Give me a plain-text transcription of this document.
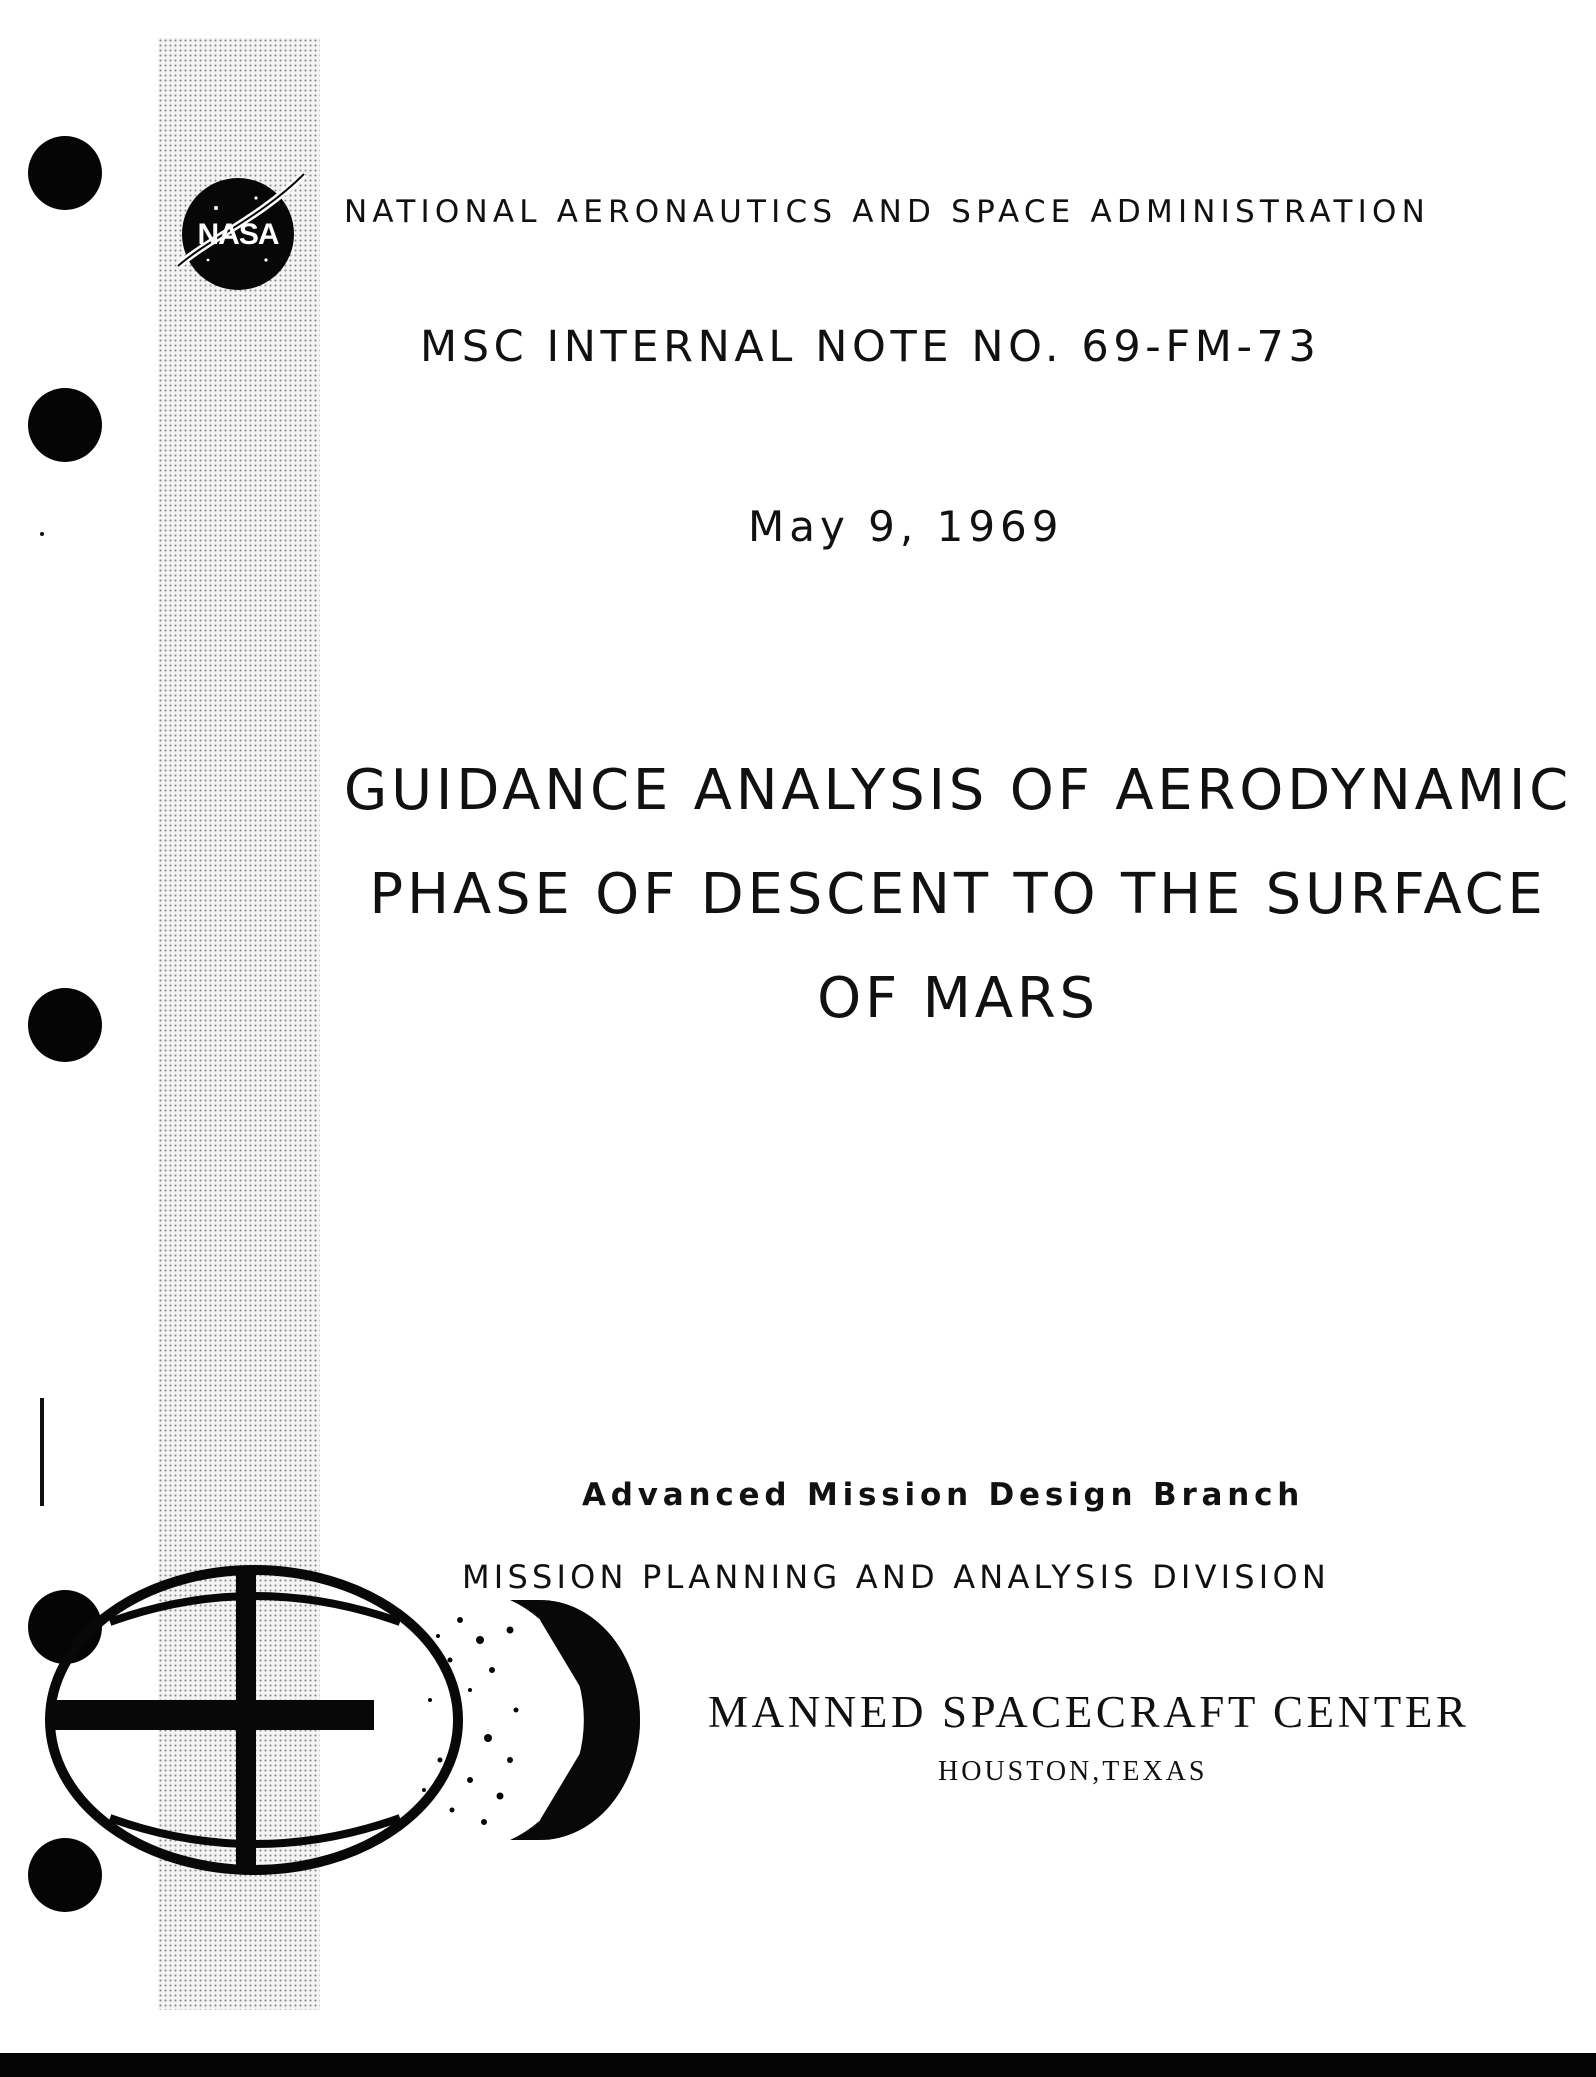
NASA

NATIONAL AERONAUTICS AND SPACE ADMINISTRATION

MSC INTERNAL NOTE NO. 69-FM-73

May 9, 1969

GUIDANCE ANALYSIS OF AERODYNAMIC

PHASE OF DESCENT TO THE SURFACE

OF MARS

Advanced Mission Design Branch

MISSION PLANNING AND ANALYSIS DIVISION

MANNED SPACECRAFT CENTER

HOUSTON,TEXAS
